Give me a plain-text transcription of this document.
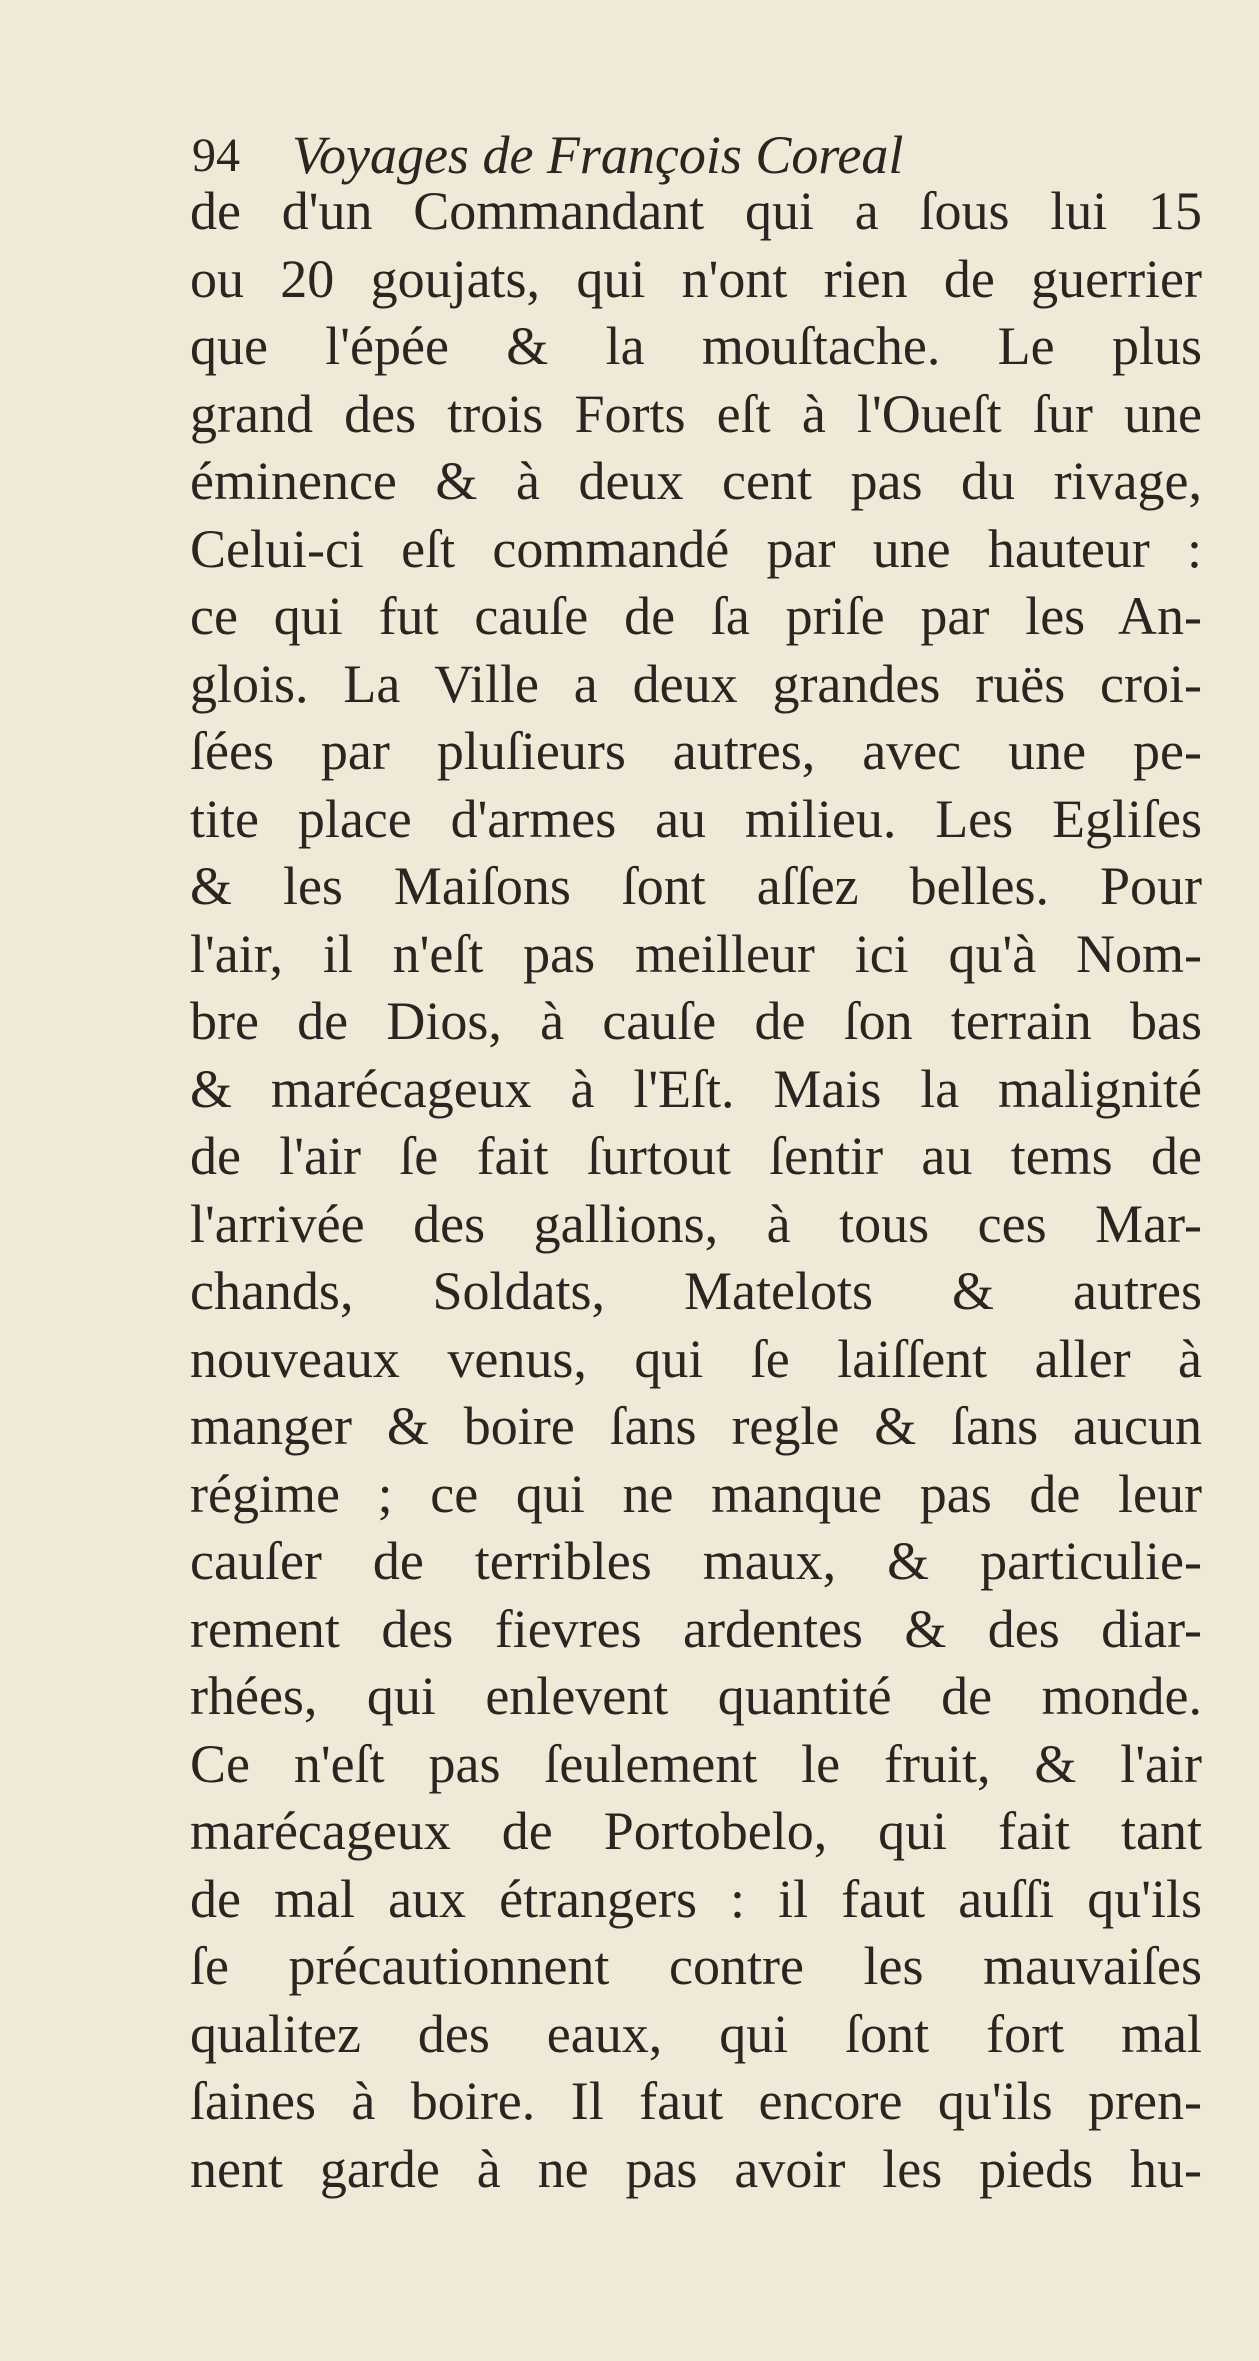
94 Voyages de François Coreal
de d'un Commandant qui a ſous lui 15
ou 20 goujats, qui n'ont rien de guerrier
que l'épée & la mouſtache. Le plus
grand des trois Forts eſt à l'Oueſt ſur une
éminence & à deux cent pas du rivage,
Celui-ci eſt commandé par une hauteur :
ce qui fut cauſe de ſa priſe par les An-
glois. La Ville a deux grandes ruës croi-
ſées par pluſieurs autres, avec une pe-
tite place d'armes au milieu. Les Egliſes
& les Maiſons ſont aſſez belles. Pour
l'air, il n'eſt pas meilleur ici qu'à Nom-
bre de Dios, à cauſe de ſon terrain bas
& marécageux à l'Eſt. Mais la malignité
de l'air ſe fait ſurtout ſentir au tems de
l'arrivée des gallions, à tous ces Mar-
chands, Soldats, Matelots & autres
nouveaux venus, qui ſe laiſſent aller à
manger & boire ſans regle & ſans aucun
régime ; ce qui ne manque pas de leur
cauſer de terribles maux, & particulie-
rement des fievres ardentes & des diar-
rhées, qui enlevent quantité de monde.
Ce n'eſt pas ſeulement le fruit, & l'air
marécageux de Portobelo, qui fait tant
de mal aux étrangers : il faut auſſi qu'ils
ſe précautionnent contre les mauvaiſes
qualitez des eaux, qui ſont fort mal
ſaines à boire. Il faut encore qu'ils pren-
nent garde à ne pas avoir les pieds hu-
